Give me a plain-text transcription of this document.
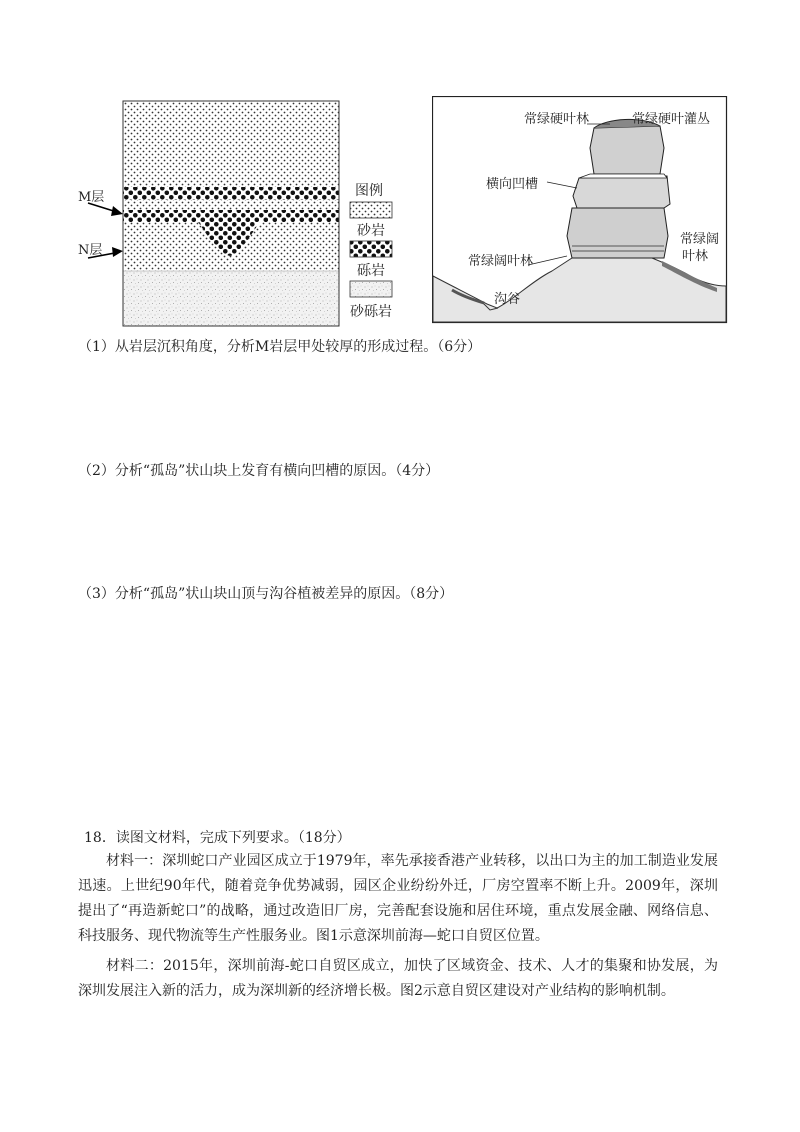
M层
N层
图例
砂岩
砾岩
砂砾岩
常绿硬叶林	常绿硬叶灌丛
横向凹槽
常绿阔叶林
常绿阔
叶林
沟谷
（1）从岩层沉积角度，分析M岩层甲处较厚的形成过程。（6分）
（2）分析“孤岛”状山块上发育有横向凹槽的原因。（4分）
（3）分析“孤岛”状山块山顶与沟谷植被差异的原因。（8分）
18．读图文材料，完成下列要求。（18分）
材料一：深圳蛇口产业园区成立于1979年，率先承接香港产业转移，以出口为主的加工制造业发展迅速。上世纪90年代，随着竞争优势减弱，园区企业纷纷外迁，厂房空置率不断上升。2009年，深圳提出了“再造新蛇口”的战略，通过改造旧厂房，完善配套设施和居住环境，重点发展金融、网络信息、科技服务、现代物流等生产性服务业。图1示意深圳前海—蛇口自贸区位置。
材料二：2015年，深圳前海-蛇口自贸区成立，加快了区域资金、技术、人才的集聚和协发展，为深圳发展注入新的活力，成为深圳新的经济增长极。图2示意自贸区建设对产业结构的影响机制。
